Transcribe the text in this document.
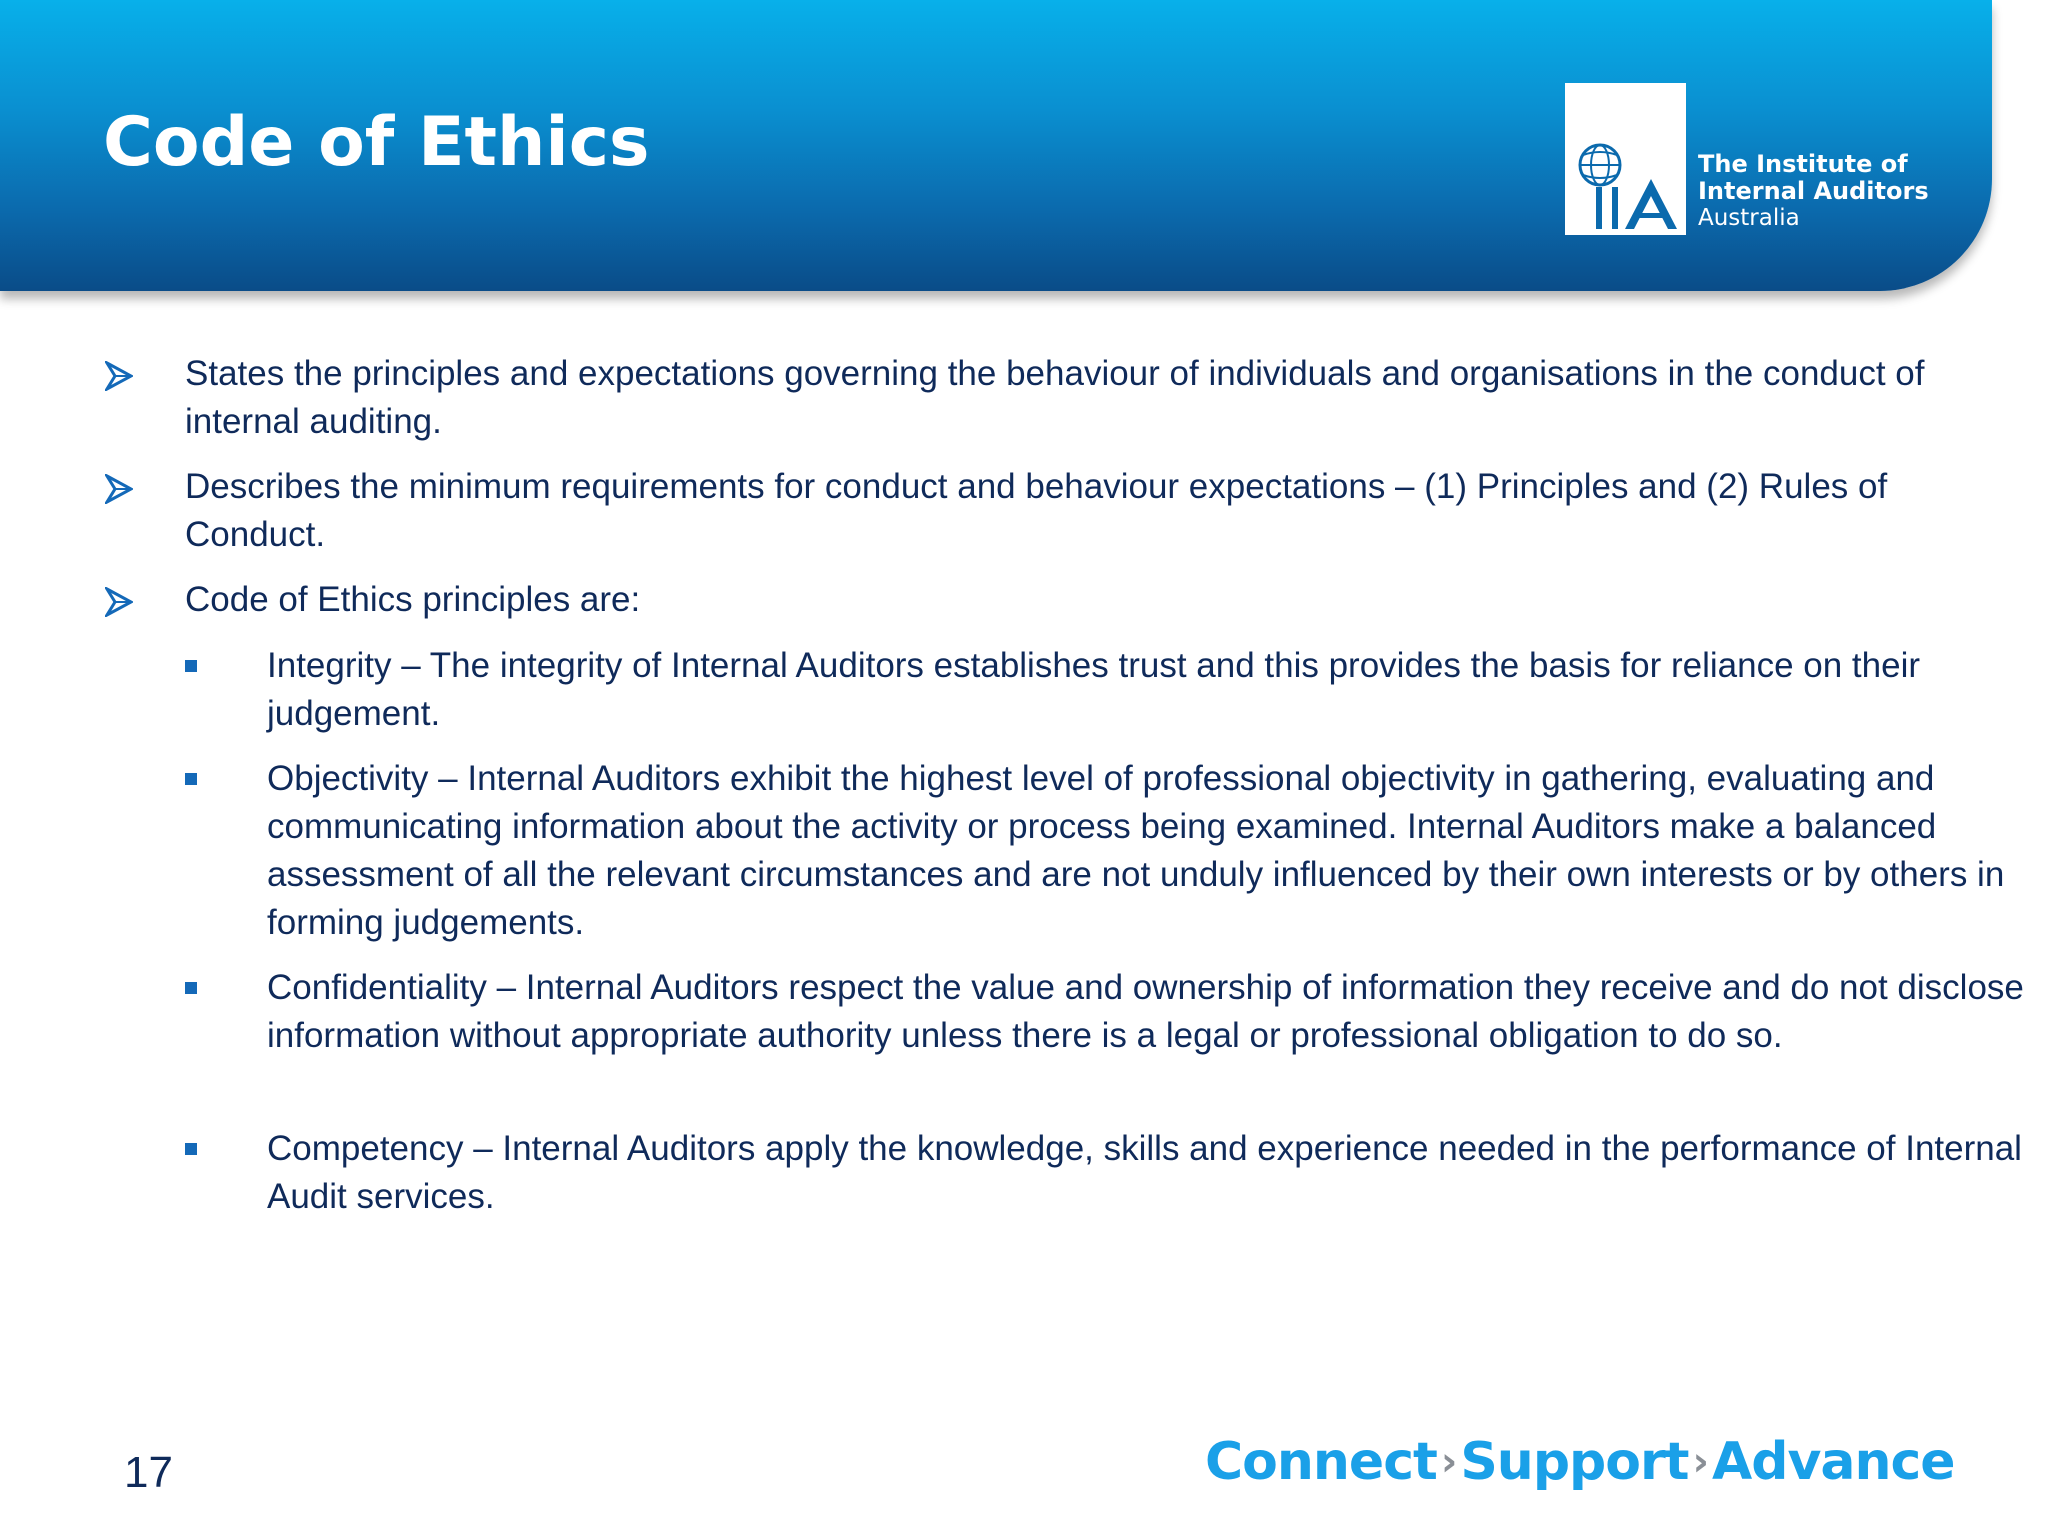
Code of Ethics	The Institute of
Internal Auditors
Australia
States the principles and expectations governing the behaviour of individuals and organisations in the conduct of internal auditing.
Describes the minimum requirements for conduct and behaviour expectations – (1) Principles and (2) Rules of Conduct.
Code of Ethics principles are:
Integrity – The integrity of Internal Auditors establishes trust and this provides the basis for reliance on their judgement.
Objectivity – Internal Auditors exhibit the highest level of professional objectivity in gathering, evaluating and communicating information about the activity or process being examined. Internal Auditors make a balanced assessment of all the relevant circumstances and are not unduly influenced by their own interests or by others in forming judgements.
Confidentiality – Internal Auditors respect the value and ownership of information they receive and do not disclose information without appropriate authority unless there is a legal or professional obligation to do so.
Competency – Internal Auditors apply the knowledge, skills and experience needed in the performance of Internal Audit services.
17	Connect ›Support ›Advance
